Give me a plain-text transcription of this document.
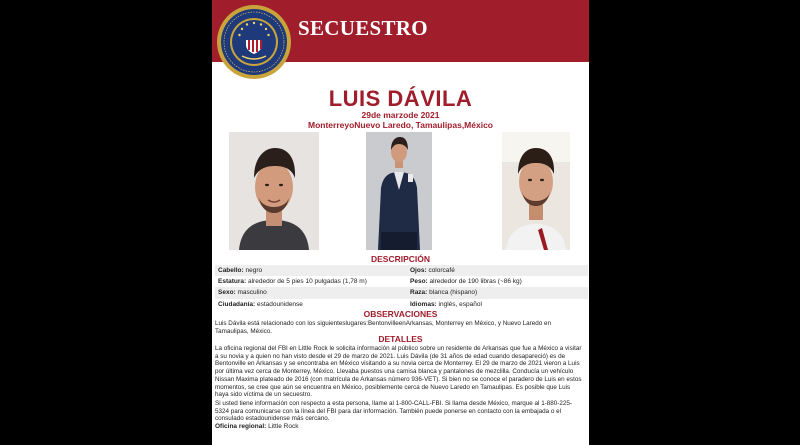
SECUESTRO
LUIS DÁVILA
29de marzode 2021
MonterreyoNuevo Laredo, Tamaulipas,México
DESCRIPCIÓN
Cabello: negro	Ojos: colorcafé
Estatura: alrededor de 5 pies 10 pulgadas (1,78 m)	Peso: alrededor de 190 libras (~86 kg)
Sexo: masculino	Raza: blanca (hispano)
Ciudadanía: estadounidense	Idiomas: inglés, español
OBSERVACIONES
Luis Dávila está relacionado con los siguienteslugares:BentonvilleenArkansas, Monterrey en México, y Nuevo Laredo en Tamaulipas, México.
DETALLES
La oficina regional del FBI en Little Rock le solicita información al público sobre un residente de Arkansas que fue a México a visitar a su novia y a quien no han visto desde el 29 de marzo de 2021. Luis Dávila (de 31 años de edad cuando desapareció) es de Bentonville en Arkansas y se encontraba en México visitando a su novia cerca de Monterrey. El 29 de marzo de 2021 vieron a Luis por última vez cerca de Monterrey, México. Llevaba puestos una camisa blanca y pantalones de mezclilla. Conducía un vehículo Nissan Maxima plateado de 2016 (con matrícula de Arkansas número 936-VET). Si bien no se conoce el paradero de Luis en estos momentos, se cree que aún se encuentra en México, posiblemente cerca de Nuevo Laredo en Tamaulipas. Es posible que Luis haya sido víctima de un secuestro.
Si usted tiene información con respecto a esta persona, llame al 1-800-CALL-FBI. Si llama desde México, marque al 1-880-225-5324 para comunicarse con la línea del FBI para dar información. También puede ponerse en contacto con la embajada o el consulado estadounidense más cercano.
Oficina regional: Little Rock
